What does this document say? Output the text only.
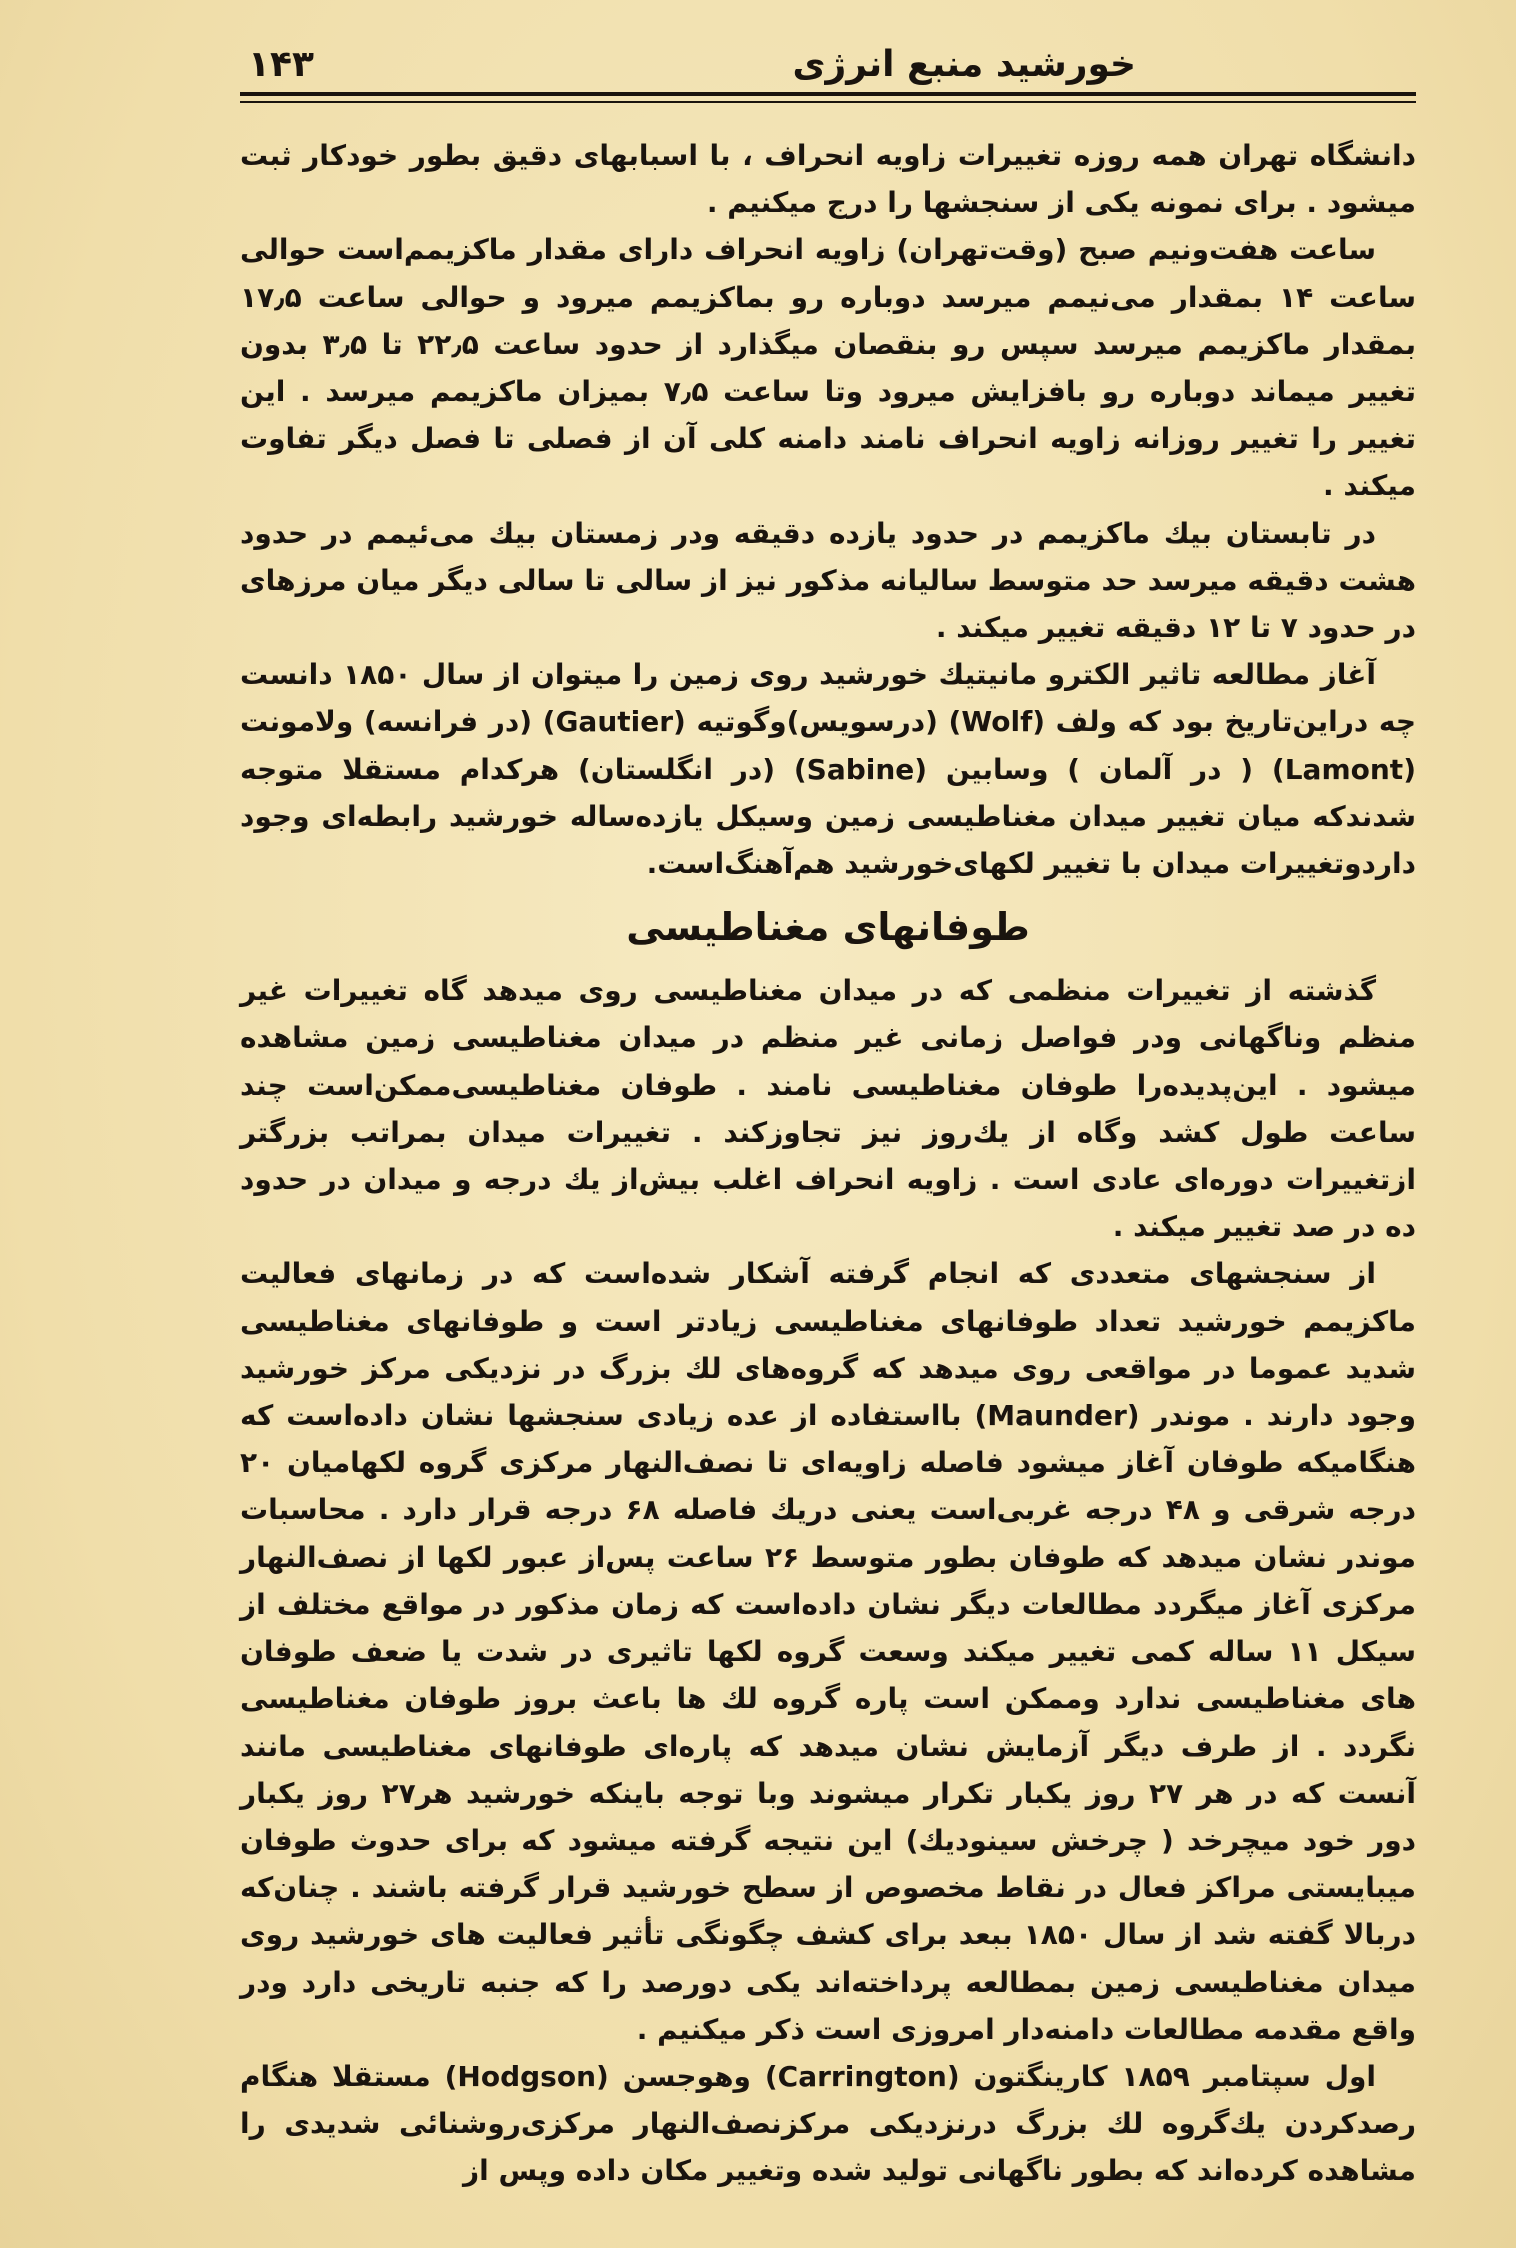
خورشید منبع انرژی
۱۴۳

دانشگاه تهران همه روزه تغییرات زاویه انحراف ، با اسبابهای دقیق بطور خودکار ثبت میشود . برای نمونه یکی از سنجشها را درج میکنیم .

ساعت هفت‌ونیم صبح (وقت‌تهران) زاویه انحراف دارای مقدار ماکزیمم‌است حوالی ساعت ۱۴ بمقدار می‌نیمم میرسد دوباره رو بماکزیمم میرود و حوالی ساعت ۱۷٫۵ بمقدار ماکزیمم میرسد سپس رو بنقصان میگذارد از حدود ساعت ۲۲٫۵ تا ۳٫۵ بدون تغییر میماند دوباره رو بافزایش میرود وتا ساعت ۷٫۵ بمیزان ماکزیمم میرسد . این تغییر را تغییر روزانه زاویه انحراف نامند دامنه کلی آن از فصلی تا فصل دیگر تفاوت میکند .

در تابستان بیك ماکزیمم در حدود یازده دقیقه ودر زمستان بیك می‌ئیمم در حدود هشت دقیقه میرسد حد متوسط سالیانه مذکور نیز از سالی تا سالی دیگر میان مرزهای در حدود ۷ تا ۱۲ دقیقه تغییر میکند .

آغاز مطالعه تاثیر الکترو مانیتیك خورشید روی زمین را میتوان از سال ۱۸۵۰ دانست چه دراین‌تاریخ بود که ولف (Wolf) (درسویس)وگوتیه (Gautier) (در فرانسه) ولامونت (Lamont) ( در آلمان ) وسابین (Sabine) (در انگلستان) هرکدام مستقلا متوجه شدندکه میان تغییر میدان مغناطیسی زمین وسیکل یازده‌ساله خورشید رابطه‌ای وجود داردوتغییرات میدان با تغییر لکهای‌خورشید هم‌آهنگ‌است.

طوفانهای مغناطیسی

گذشته از تغییرات منظمی که در میدان مغناطیسی روی میدهد گاه تغییرات غیر منظم وناگهانی ودر فواصل زمانی غیر منظم در میدان مغناطیسی زمین مشاهده میشود . این‌پدیده‌را طوفان مغناطیسی نامند . طوفان مغناطیسی‌ممکن‌است چند ساعت طول کشد وگاه از یك‌روز نیز تجاوزکند . تغییرات میدان بمراتب بزرگتر ازتغییرات دوره‌ای عادی است . زاویه انحراف اغلب بیش‌از یك درجه و میدان در حدود ده در صد تغییر میکند .

از سنجشهای متعددی که انجام گرفته آشکار شده‌است که در زمانهای فعالیت ماکزیمم خورشید تعداد طوفانهای مغناطیسی زیادتر است و طوفانهای مغناطیسی شدید عموما در مواقعی روی میدهد که گروه‌های لك بزرگ در نزدیکی مرکز خورشید وجود دارند . موندر (Maunder) بااستفاده از عده زیادی سنجشها نشان داده‌است که هنگامیکه طوفان آغاز میشود فاصله زاویه‌ای تا نصف‌النهار مرکزی گروه لکهامیان ۲۰ درجه شرقی و ۴۸ درجه غربی‌است یعنی دریك فاصله ۶۸ درجه قرار دارد . محاسبات موندر نشان میدهد که طوفان بطور متوسط ۲۶ ساعت پس‌از عبور لکها از نصف‌النهار مرکزی آغاز میگردد مطالعات دیگر نشان داده‌است که زمان مذکور در مواقع مختلف از سیکل ۱۱ ساله کمی تغییر میکند وسعت گروه لکها تاثیری در شدت یا ضعف طوفان های مغناطیسی ندارد وممکن است پاره گروه لك ها باعث بروز طوفان مغناطیسی نگردد . از طرف دیگر آزمایش نشان میدهد که پاره‌ای طوفانهای مغناطیسی مانند آنست که در هر ۲۷ روز یکبار تکرار میشوند وبا توجه باینکه خورشید هر۲۷ روز یکبار دور خود میچرخد ( چرخش سینودیك) این نتیجه گرفته میشود که برای حدوث طوفان میبایستی مراکز فعال در نقاط مخصوص از سطح خورشید قرار گرفته باشند . چنان‌که دربالا گفته شد از سال ۱۸۵۰ ببعد برای کشف چگونگی تأثیر فعالیت های خورشید روی میدان مغناطیسی زمین بمطالعه پرداخته‌اند یکی دورصد را که جنبه تاریخی دارد ودر واقع مقدمه مطالعات دامنه‌دار امروزی است ذکر میکنیم .

اول سپتامبر ۱۸۵۹ کارینگتون (Carrington) وهوجسن (Hodgson) مستقلا هنگام رصدکردن یك‌گروه لك بزرگ درنزدیکی مرکزنصف‌النهار مرکزی‌روشنائی شدیدی را مشاهده کرده‌اند که بطور ناگهانی تولید شده وتغییر مکان داده وپس از
